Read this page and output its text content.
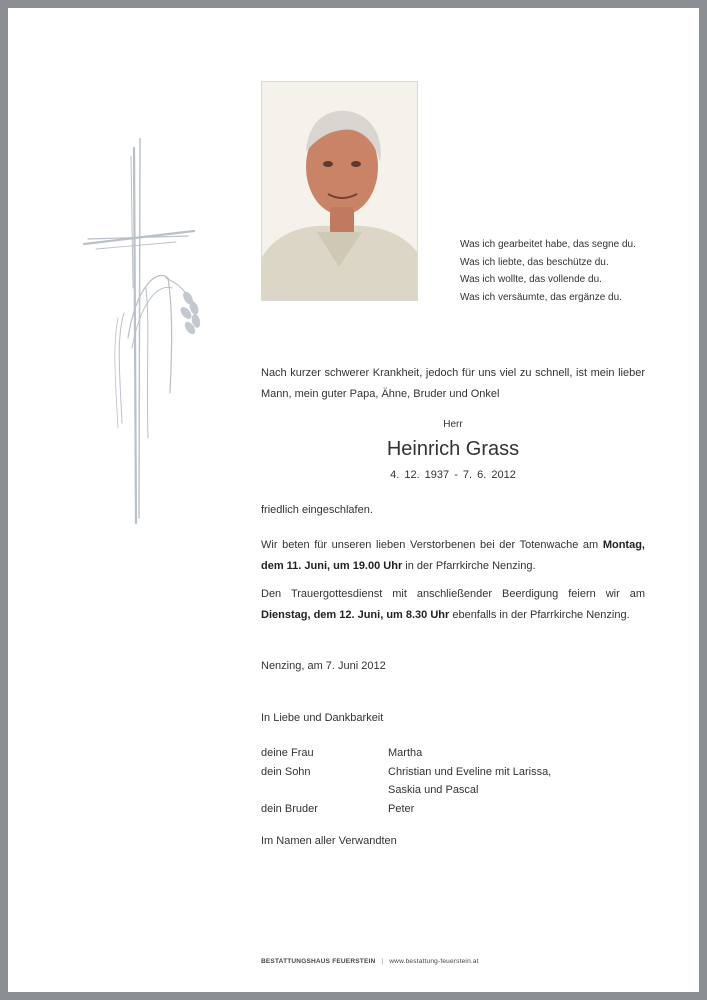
Was ich gearbeitet habe, das segne du.
Was ich liebte, das beschütze du.
Was ich wollte, das vollende du.
Was ich versäumte, das ergänze du.
Nach kurzer schwerer Krankheit, jedoch für uns viel zu schnell, ist mein lieber Mann, mein guter Papa, Ähne, Bruder und Onkel
Herr
Heinrich Grass
4. 12. 1937 - 7. 6. 2012
friedlich eingeschlafen.
Wir beten für unseren lieben Verstorbenen bei der Totenwache am Montag, dem 11. Juni, um 19.00 Uhr in der Pfarrkirche Nenzing.
Den Trauergottesdienst mit anschließender Beerdigung feiern wir am Dienstag, dem 12. Juni, um 8.30 Uhr ebenfalls in der Pfarrkirche Nenzing.
Nenzing, am 7. Juni 2012
In Liebe und Dankbarkeit
deine Frau	Martha
dein Sohn	Christian und Eveline mit Larissa,
Saskia und Pascal
dein Bruder	Peter
Im Namen aller Verwandten
BESTATTUNGSHAUS FEUERSTEIN | www.bestattung-feuerstein.at
